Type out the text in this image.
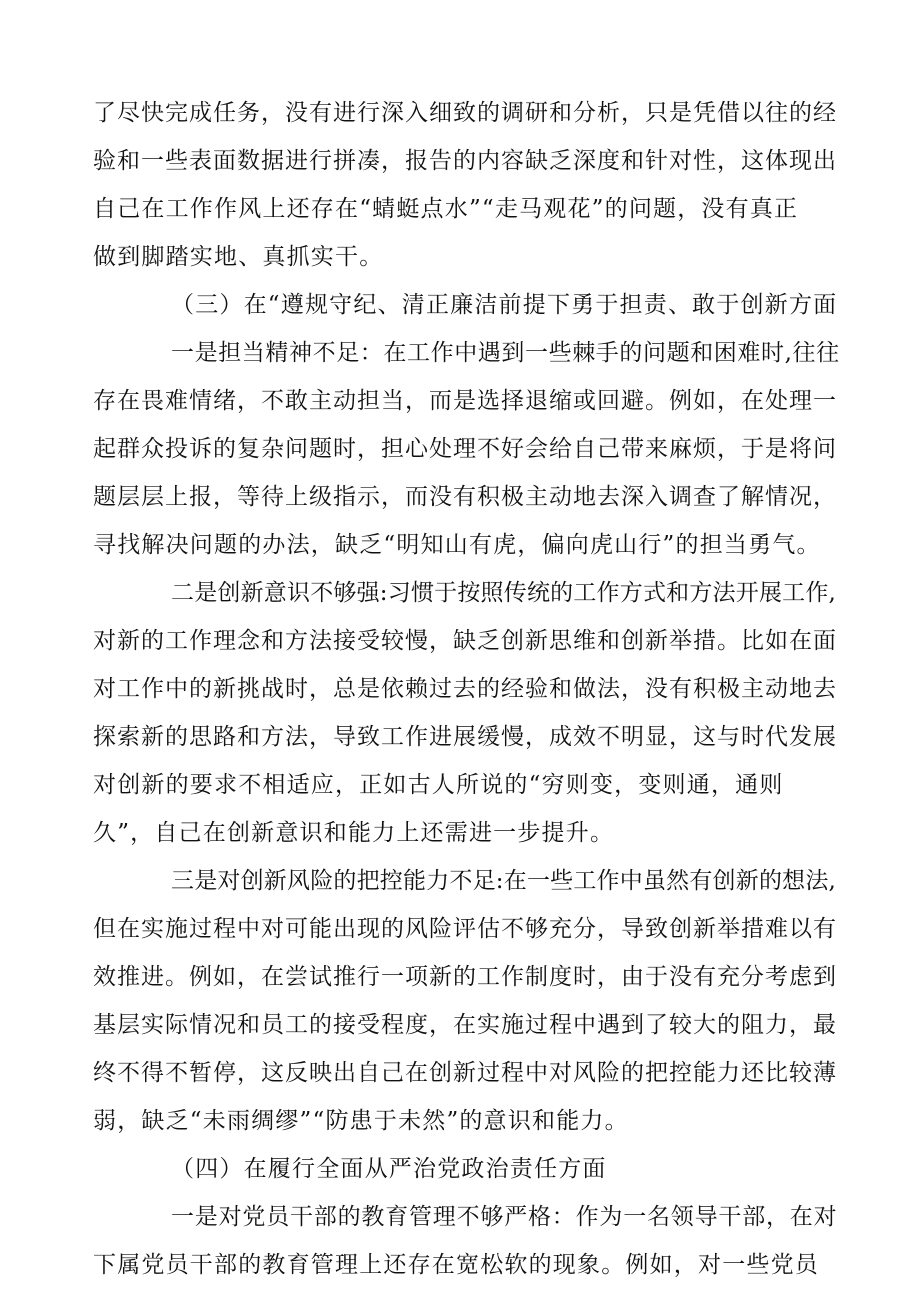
了尽快完成任务，没有进行深入细致的调研和分析，只是凭借以往的经
验和一些表面数据进行拼凑，报告的内容缺乏深度和针对性，这体现出
自己在工作作风上还存在“蜻蜓点水”“走马观花”的问题，没有真正
做到脚踏实地、真抓实干。
（三）在“遵规守纪、清正廉洁前提下勇于担责、敢于创新方面
一是担当精神不足：在工作中遇到一些棘手的问题和困难时,往往
存在畏难情绪，不敢主动担当，而是选择退缩或回避。例如，在处理一
起群众投诉的复杂问题时，担心处理不好会给自己带来麻烦，于是将问
题层层上报，等待上级指示，而没有积极主动地去深入调查了解情况，
寻找解决问题的办法，缺乏“明知山有虎，偏向虎山行”的担当勇气。
二是创新意识不够强:习惯于按照传统的工作方式和方法开展工作,
对新的工作理念和方法接受较慢，缺乏创新思维和创新举措。比如在面
对工作中的新挑战时，总是依赖过去的经验和做法，没有积极主动地去
探索新的思路和方法，导致工作进展缓慢，成效不明显，这与时代发展
对创新的要求不相适应，正如古人所说的“穷则变，变则通，通则
久”，自己在创新意识和能力上还需进一步提升。
三是对创新风险的把控能力不足:在一些工作中虽然有创新的想法,
但在实施过程中对可能出现的风险评估不够充分，导致创新举措难以有
效推进。例如，在尝试推行一项新的工作制度时，由于没有充分考虑到
基层实际情况和员工的接受程度，在实施过程中遇到了较大的阻力，最
终不得不暂停，这反映出自己在创新过程中对风险的把控能力还比较薄
弱，缺乏“未雨绸缪”“防患于未然”的意识和能力。
（四）在履行全面从严治党政治责任方面
一是对党员干部的教育管理不够严格：作为一名领导干部，在对
下属党员干部的教育管理上还存在宽松软的现象。例如，对一些党员
